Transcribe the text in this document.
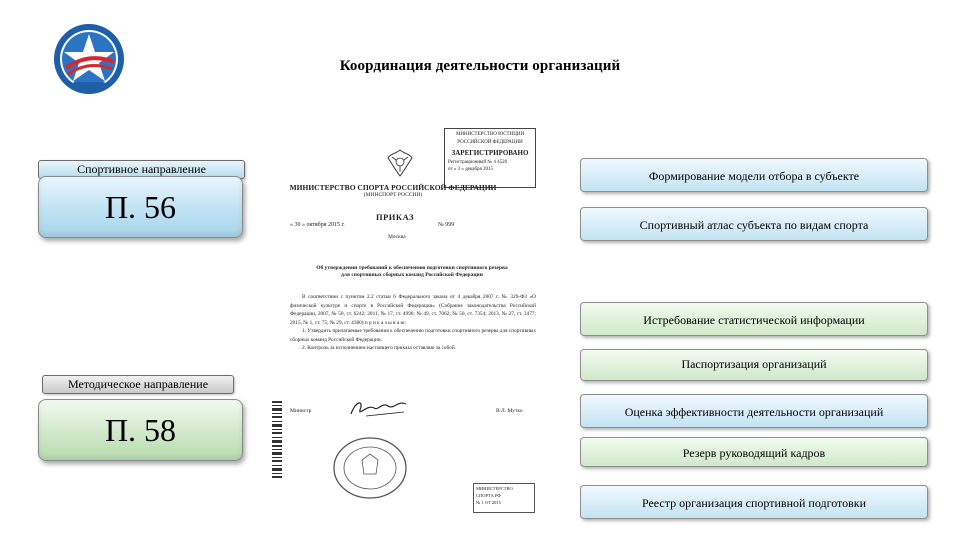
Координация деятельности организаций
Спортивное направление
П. 56
Методическое направление
П. 58
МИНИСТЕРСТВО ЮСТИЦИИ
РОССИЙСКОЙ ФЕДЕРАЦИИ
ЗАРЕГИСТРИРОВАНО
Регистрационный № 4 4520
от « 3 » декабря 2015
МИНИСТЕРСТВО СПОРТА РОССИЙСКОЙ ФЕДЕРАЦИИ
(МИНСПОРТ РОССИИ)
ПРИКАЗ
« 30 » октября 2015 г.	№ 999
Москва
Об утверждении требований к обеспечению подготовки спортивного резерва
для спортивных сборных команд Российской Федерации
В соответствии с пунктом 2.2 статьи 6 Федерального закона от 4 декабря 2007 г. № 329-ФЗ «О физической культуре и спорте в Российской Федерации» (Собрание законодательства Российской Федерации, 2007, № 50, ст. 6242; 2011, № 17, ст. 4996; № 49, ст. 7062; № 50, ст. 7354; 2013, № 27, ст. 3477; 2015, № 1, ст. 75; № 29, ст. 4380) п р и к а з ы в а ю:
1. Утвердить прилагаемые требования к обеспечению подготовки спортивного резерва для спортивных сборных команд Российской Федерации.
2. Контроль за исполнением настоящего приказа оставляю за собой.
Министр	В.Л. Мутко
МИНИСТЕРСТВО
СПОРТА РФ
№ 1 ОТ 2015
Формирование модели отбора в субъекте
Спортивный атлас субъекта по видам спорта
Истребование статистической информации
Паспортизация организаций
Оценка эффективности деятельности организаций
Резерв руководящий кадров
Реестр организация спортивной подготовки
